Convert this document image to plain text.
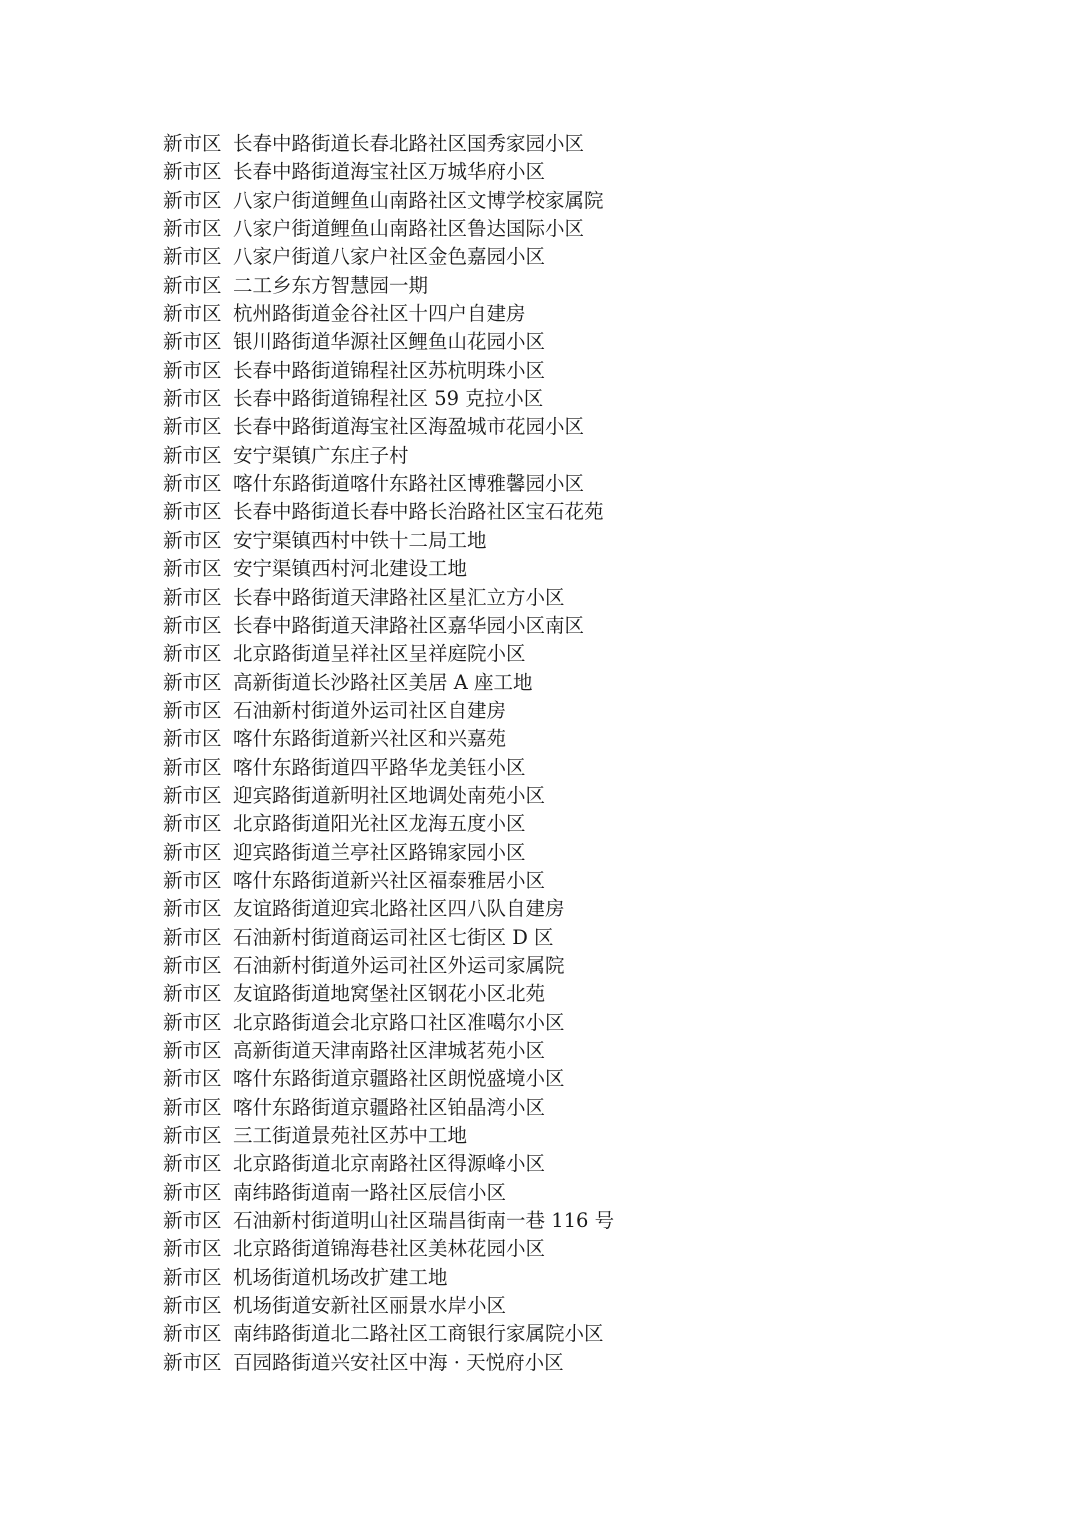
新市区 长春中路街道长春北路社区国秀家园小区
新市区 长春中路街道海宝社区万城华府小区
新市区 八家户街道鲤鱼山南路社区文博学校家属院
新市区 八家户街道鲤鱼山南路社区鲁达国际小区
新市区 八家户街道八家户社区金色嘉园小区
新市区 二工乡东方智慧园一期
新市区 杭州路街道金谷社区十四户自建房
新市区 银川路街道华源社区鲤鱼山花园小区
新市区 长春中路街道锦程社区苏杭明珠小区
新市区 长春中路街道锦程社区 59 克拉小区
新市区 长春中路街道海宝社区海盈城市花园小区
新市区 安宁渠镇广东庄子村
新市区 喀什东路街道喀什东路社区博雅馨园小区
新市区 长春中路街道长春中路长治路社区宝石花苑
新市区 安宁渠镇西村中铁十二局工地
新市区 安宁渠镇西村河北建设工地
新市区 长春中路街道天津路社区星汇立方小区
新市区 长春中路街道天津路社区嘉华园小区南区
新市区 北京路街道呈祥社区呈祥庭院小区
新市区 高新街道长沙路社区美居 A 座工地
新市区 石油新村街道外运司社区自建房
新市区 喀什东路街道新兴社区和兴嘉苑
新市区 喀什东路街道四平路华龙美钰小区
新市区 迎宾路街道新明社区地调处南苑小区
新市区 北京路街道阳光社区龙海五度小区
新市区 迎宾路街道兰亭社区路锦家园小区
新市区 喀什东路街道新兴社区福泰雅居小区
新市区 友谊路街道迎宾北路社区四八队自建房
新市区 石油新村街道商运司社区七街区 D 区
新市区 石油新村街道外运司社区外运司家属院
新市区 友谊路街道地窝堡社区钢花小区北苑
新市区 北京路街道会北京路口社区准噶尔小区
新市区 高新街道天津南路社区津城茗苑小区
新市区 喀什东路街道京疆路社区朗悦盛境小区
新市区 喀什东路街道京疆路社区铂晶湾小区
新市区 三工街道景苑社区苏中工地
新市区 北京路街道北京南路社区得源峰小区
新市区 南纬路街道南一路社区辰信小区
新市区 石油新村街道明山社区瑞昌街南一巷 116 号
新市区 北京路街道锦海巷社区美林花园小区
新市区 机场街道机场改扩建工地
新市区 机场街道安新社区丽景水岸小区
新市区 南纬路街道北二路社区工商银行家属院小区
新市区 百园路街道兴安社区中海 · 天悦府小区
